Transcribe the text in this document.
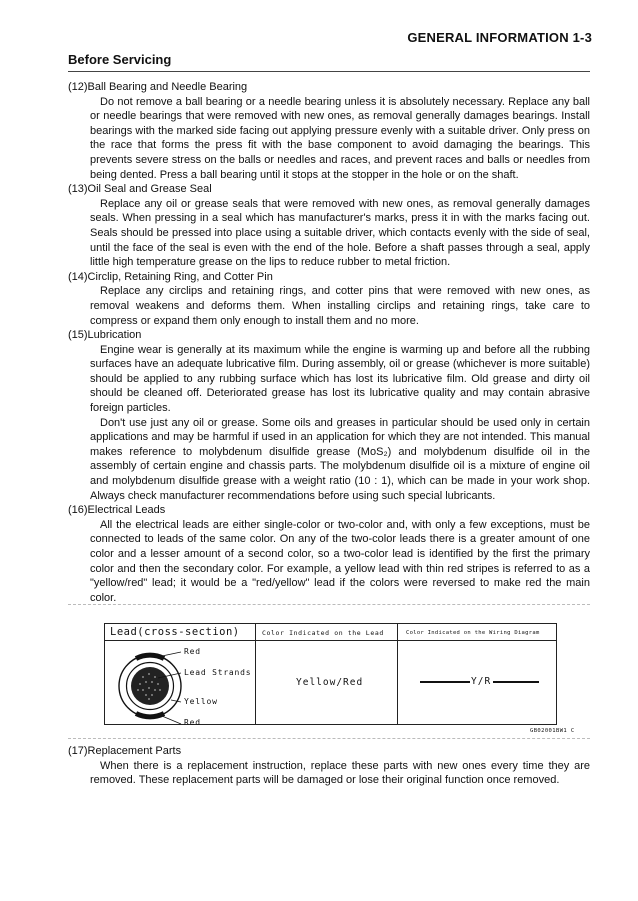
GENERAL INFORMATION 1-3
Before Servicing

(12)Ball Bearing and Needle Bearing

Do not remove a ball bearing or a needle bearing unless it is absolutely necessary. Replace any ball or needle bearings that were removed with new ones, as removal generally damages bearings. Install bearings with the marked side facing out applying pressure evenly with a suitable driver. Only press on the race that forms the press fit with the base component to avoid damaging the bearings. This prevents severe stress on the balls or needles and races, and prevent races and balls or needles from being dented. Press a ball bearing until it stops at the stopper in the hole or on the shaft.

(13)Oil Seal and Grease Seal

Replace any oil or grease seals that were removed with new ones, as removal generally damages seals. When pressing in a seal which has manufacturer's marks, press it in with the marks facing out. Seals should be pressed into place using a suitable driver, which contacts evenly with the side of seal, until the face of the seal is even with the end of the hole. Before a shaft passes through a seal, apply little high temperature grease on the lips to reduce rubber to metal friction.

(14)Circlip, Retaining Ring, and Cotter Pin

Replace any circlips and retaining rings, and cotter pins that were removed with new ones, as removal weakens and deforms them. When installing circlips and retaining rings, take care to compress or expand them only enough to install them and no more.

(15)Lubrication

Engine wear is generally at its maximum while the engine is warming up and before all the rubbing surfaces have an adequate lubricative film. During assembly, oil or grease (whichever is more suitable) should be applied to any rubbing surface which has lost its lubricative film. Old grease and dirty oil should be cleaned off. Deteriorated grease has lost its lubricative quality and may contain abrasive foreign particles.

Don't use just any oil or grease. Some oils and greases in particular should be used only in certain applications and may be harmful if used in an application for which they are not intended. This manual makes reference to molybdenum disulfide grease (MoS₂) and molybdenum disulfide oil in the assembly of certain engine and chassis parts. The molybdenum disulfide oil is a mixture of engine oil and molybdenum disulfide grease with a weight ratio (10 : 1), which can be made in your work shop. Always check manufacturer recommendations before using such special lubricants.

(16)Electrical Leads

All the electrical leads are either single-color or two-color and, with only a few exceptions, must be connected to leads of the same color. On any of the two-color leads there is a greater amount of one color and a lesser amount of a second color, so a two-color lead is identified by the first the primary color and then the secondary color. For example, a yellow lead with thin red stripes is referred to as a "yellow/red" lead; it would be a "red/yellow" lead if the colors were reversed to make red the main color.

Lead(cross-section)
Red
Lead Strands
Yellow
Red
Color Indicated on the Lead
Yellow/Red
Color Indicated on the Wiring Diagram
Y/R
GB02001BW1 C

(17)Replacement Parts

When there is a replacement instruction, replace these parts with new ones every time they are removed. These replacement parts will be damaged or lose their original function once removed.
